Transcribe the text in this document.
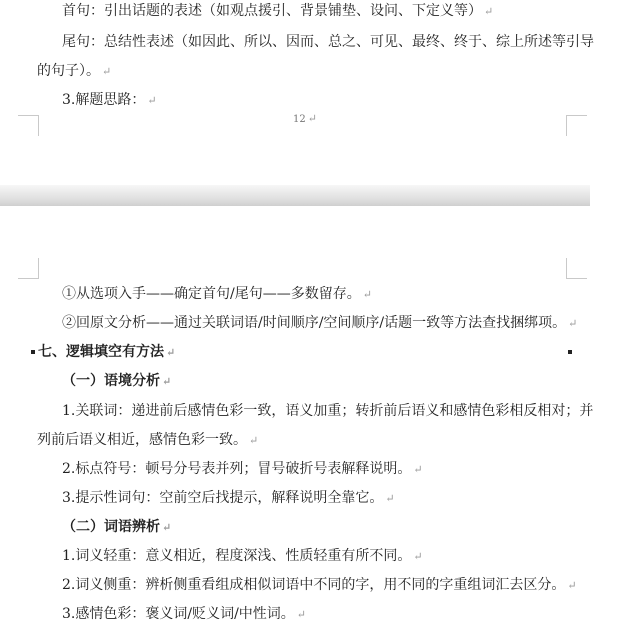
首句：引出话题的表述（如观点援引、背景铺垫、设问、下定义等） ↵
尾句：总结性表述（如因此、所以、因而、总之、可见、最终、终于、综上所述等引导
的句子）。 ↵
3.解题思路： ↵
12 ↵
①从选项入手——确定首句/尾句——多数留存。 ↵
②回原文分析——通过关联词语/时间顺序/空间顺序/话题一致等方法查找捆绑项。 ↵
七、逻辑填空有方法 ↵
（一）语境分析 ↵
1.关联词：递进前后感情色彩一致，语义加重；转折前后语义和感情色彩相反相对；并
列前后语义相近，感情色彩一致。 ↵
2.标点符号：顿号分号表并列；冒号破折号表解释说明。 ↵
3.提示性词句：空前空后找提示，解释说明全靠它。 ↵
（二）词语辨析 ↵
1.词义轻重：意义相近，程度深浅、性质轻重有所不同。 ↵
2.词义侧重：辨析侧重看组成相似词语中不同的字，用不同的字重组词汇去区分。 ↵
3.感情色彩：褒义词/贬义词/中性词。 ↵
